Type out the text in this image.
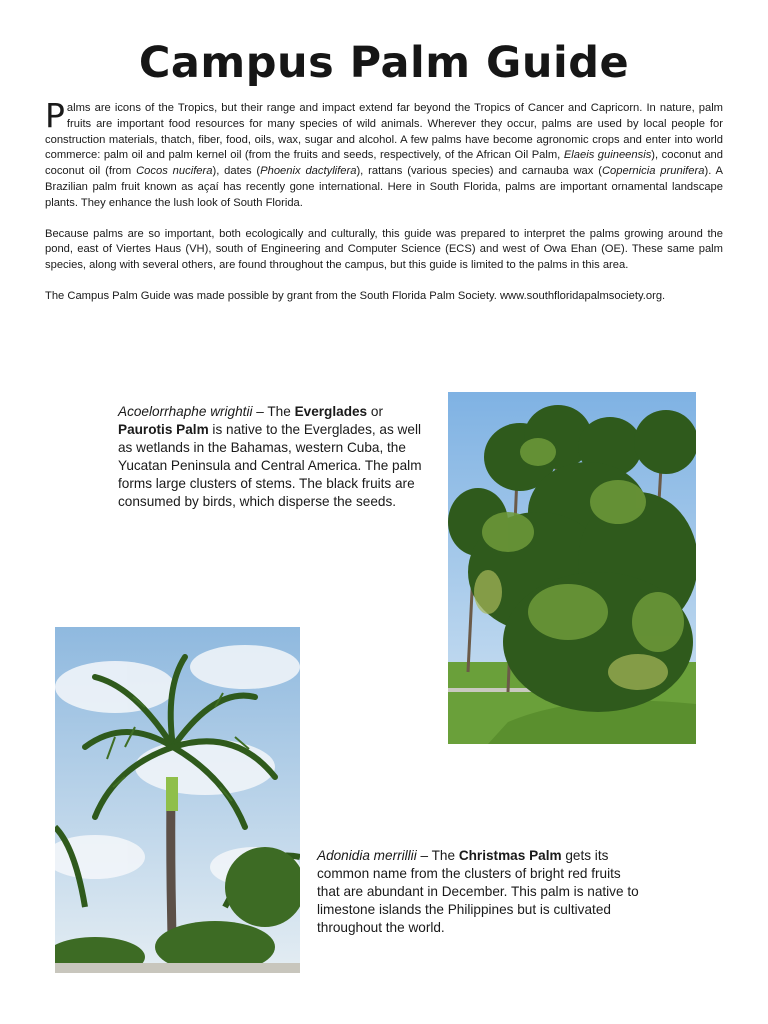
Campus Palm Guide

Palms are icons of the Tropics, but their range and impact extend far beyond the Tropics of Cancer and Capricorn. In nature, palm fruits are important food resources for many species of wild animals. Wherever they occur, palms are used by local people for construction materials, thatch, fiber, food, oils, wax, sugar and alcohol. A few palms have become agronomic crops and enter into world commerce: palm oil and palm kernel oil (from the fruits and seeds, respectively, of the African Oil Palm, Elaeis guineensis), coconut and coconut oil (from Cocos nucifera), dates (Phoenix dactylifera), rattans (various species) and carnauba wax (Copernicia prunifera). A Brazilian palm fruit known as açaí has recently gone international. Here in South Florida, palms are important ornamental landscape plants. They enhance the lush look of South Florida.

Because palms are so important, both ecologically and culturally, this guide was prepared to interpret the palms growing around the pond, east of Viertes Haus (VH), south of Engineering and Computer Science (ECS) and west of Owa Ehan (OE). These same palm species, along with several others, are found throughout the campus, but this guide is limited to the palms in this area.

The Campus Palm Guide was made possible by grant from the South Florida Palm Society. www.southfloridapalmsociety.org.

Acoelorrhaphe wrightii – The Everglades or Paurotis Palm is native to the Everglades, as well as wetlands in the Bahamas, western Cuba, the Yucatan Peninsula and Central America. The palm forms large clusters of stems. The black fruits are consumed by birds, which disperse the seeds.

Adonidia merrillii – The Christmas Palm gets its common name from the clusters of bright red fruits that are abundant in December. This palm is native to limestone islands the Philippines but is cultivated throughout the world.
